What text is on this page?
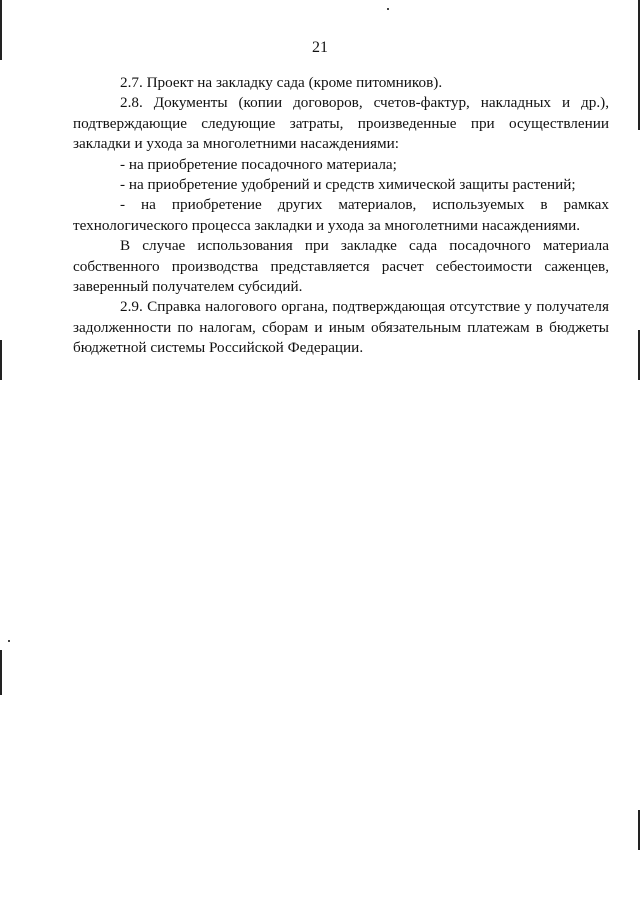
21

2.7. Проект на закладку сада (кроме питомников).

2.8. Документы (копии договоров, счетов-фактур, накладных и др.), подтверждающие следующие затраты, произведенные при осуществлении закладки и ухода за многолетними насаждениями:

- на приобретение посадочного материала;

- на приобретение удобрений и средств химической защиты растений;

- на приобретение других материалов, используемых в рамках технологического процесса закладки и ухода за многолетними насаждениями.

В случае использования при закладке сада посадочного материала собственного производства представляется расчет себестоимости саженцев, заверенный получателем субсидий.

2.9. Справка налогового органа, подтверждающая отсутствие у получателя задолженности по налогам, сборам и иным обязательным платежам в бюджеты бюджетной системы Российской Федерации.
